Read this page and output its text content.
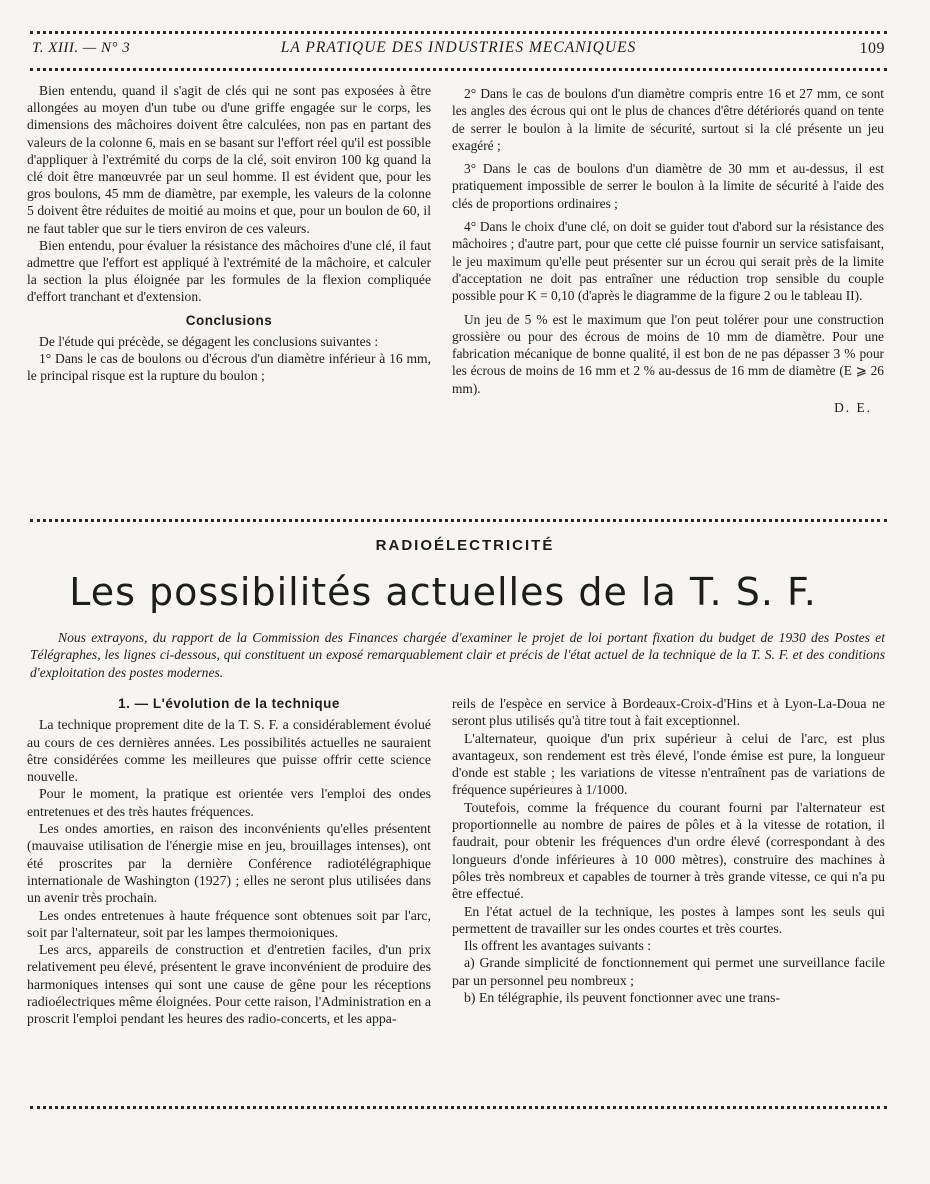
T. XIII. — N° 3	LA PRATIQUE DES INDUSTRIES MECANIQUES	109

Bien entendu, quand il s'agit de clés qui ne sont pas exposées à être allongées au moyen d'un tube ou d'une griffe engagée sur le corps, les dimensions des mâchoires doivent être calculées, non pas en partant des valeurs de la colonne 6, mais en se basant sur l'effort réel qu'il est possible d'appliquer à l'extrémité du corps de la clé, soit environ 100 kg quand la clé doit être manœuvrée par un seul homme. Il est évident que, pour les gros boulons, 45 mm de diamètre, par exemple, les valeurs de la colonne 5 doivent être réduites de moitié au moins et que, pour un boulon de 60, il ne faut tabler que sur le tiers environ de ces valeurs.

Bien entendu, pour évaluer la résistance des mâchoires d'une clé, il faut admettre que l'effort est appliqué à l'extrémité de la mâchoire, et calculer la section la plus éloignée par les formules de la flexion compliquée d'effort tranchant et d'extension.

Conclusions

De l'étude qui précède, se dégagent les conclusions suivantes :

1° Dans le cas de boulons ou d'écrous d'un diamètre inférieur à 16 mm, le principal risque est la rupture du boulon ;

2° Dans le cas de boulons d'un diamètre compris entre 16 et 27 mm, ce sont les angles des écrous qui ont le plus de chances d'être détériorés quand on tente de serrer le boulon à la limite de sécurité, surtout si la clé présente un jeu exagéré ;

3° Dans le cas de boulons d'un diamètre de 30 mm et au-dessus, il est pratiquement impossible de serrer le boulon à la limite de sécurité à l'aide des clés de proportions ordinaires ;

4° Dans le choix d'une clé, on doit se guider tout d'abord sur la résistance des mâchoires ; d'autre part, pour que cette clé puisse fournir un service satisfaisant, le jeu maximum qu'elle peut présenter sur un écrou qui serait près de la limite d'acceptation ne doit pas entraîner une réduction trop sensible du couple possible pour K = 0,10 (d'après le diagramme de la figure 2 ou le tableau II).

Un jeu de 5 % est le maximum que l'on peut tolérer pour une construction grossière ou pour des écrous de moins de 10 mm de diamètre. Pour une fabrication mécanique de bonne qualité, il est bon de ne pas dépasser 3 % pour les écrous de moins de 16 mm et 2 % au-dessus de 16 mm de diamètre (E ⩾ 26 mm).

D. E.
RADIOÉLECTRICITÉ
Les possibilités actuelles de la T. S. F.
Nous extrayons, du rapport de la Commission des Finances chargée d'examiner le projet de loi portant fixation du budget de 1930 des Postes et Télégraphes, les lignes ci-dessous, qui constituent un exposé remarquablement clair et précis de l'état actuel de la technique de la T. S. F. et des conditions d'exploitation des postes modernes.
1. — L'évolution de la technique

La technique proprement dite de la T. S. F. a considérablement évolué au cours de ces dernières années. Les possibilités actuelles ne sauraient être considérées comme les meilleures que puisse offrir cette science nouvelle.

Pour le moment, la pratique est orientée vers l'emploi des ondes entretenues et des très hautes fréquences.

Les ondes amorties, en raison des inconvénients qu'elles présentent (mauvaise utilisation de l'énergie mise en jeu, brouillages intenses), ont été proscrites par la dernière Conférence radiotélégraphique internationale de Washington (1927) ; elles ne seront plus utilisées dans un avenir très prochain.

Les ondes entretenues à haute fréquence sont obtenues soit par l'arc, soit par l'alternateur, soit par les lampes thermoioniques.

Les arcs, appareils de construction et d'entretien faciles, d'un prix relativement peu élevé, présentent le grave inconvénient de produire des harmoniques intenses qui sont une cause de gêne pour les réceptions radioélectriques même éloignées. Pour cette raison, l'Administration en a proscrit l'emploi pendant les heures des radio-concerts, et les appa-

reils de l'espèce en service à Bordeaux-Croix-d'Hins et à Lyon-La-Doua ne seront plus utilisés qu'à titre tout à fait exceptionnel.

L'alternateur, quoique d'un prix supérieur à celui de l'arc, est plus avantageux, son rendement est très élevé, l'onde émise est pure, la longueur d'onde est stable ; les variations de vitesse n'entraînent pas de variations de fréquence supérieures à 1/1000.

Toutefois, comme la fréquence du courant fourni par l'alternateur est proportionnelle au nombre de paires de pôles et à la vitesse de rotation, il faudrait, pour obtenir les fréquences d'un ordre élevé (correspondant à des longueurs d'onde inférieures à 10 000 mètres), construire des machines à pôles très nombreux et capables de tourner à très grande vitesse, ce qui n'a pu être effectué.

En l'état actuel de la technique, les postes à lampes sont les seuls qui permettent de travailler sur les ondes courtes et très courtes.

Ils offrent les avantages suivants :

a) Grande simplicité de fonctionnement qui permet une surveillance facile par un personnel peu nombreux ;

b) En télégraphie, ils peuvent fonctionner avec une trans-
